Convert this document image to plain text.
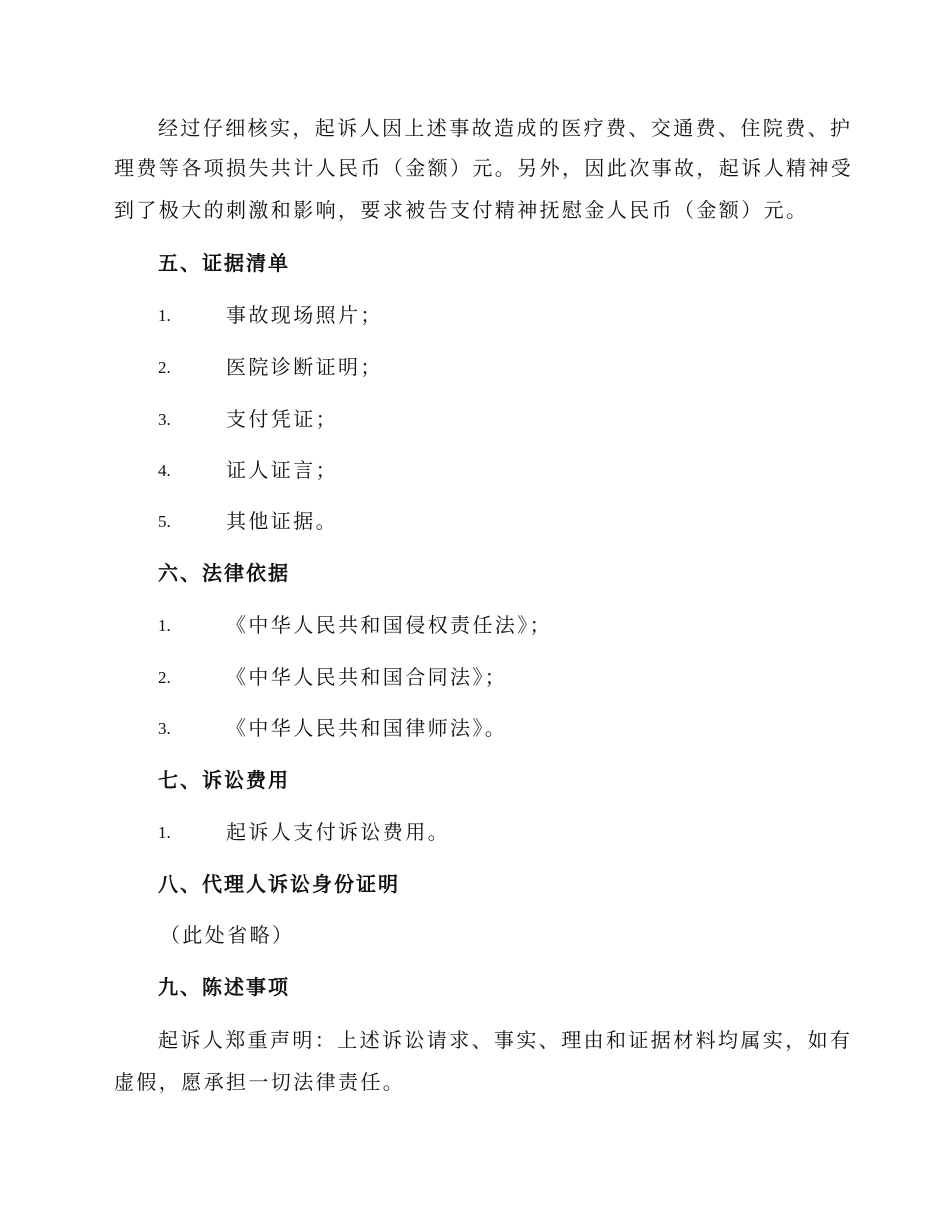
经过仔细核实，起诉人因上述事故造成的医疗费、交通费、住院费、护
理费等各项损失共计人民币（金额）元。另外，因此次事故，起诉人精神受
到了极大的刺激和影响，要求被告支付精神抚慰金人民币（金额）元。
五、证据清单
1.	事故现场照片；
2.	医院诊断证明；
3.	支付凭证；
4.	证人证言；
5.	其他证据。
六、法律依据
1.	《中华人民共和国侵权责任法》；
2.	《中华人民共和国合同法》；
3.	《中华人民共和国律师法》。
七、诉讼费用
1.	起诉人支付诉讼费用。
八、代理人诉讼身份证明
（此处省略）
九、陈述事项
起诉人郑重声明：上述诉讼请求、事实、理由和证据材料均属实，如有
虚假，愿承担一切法律责任。
